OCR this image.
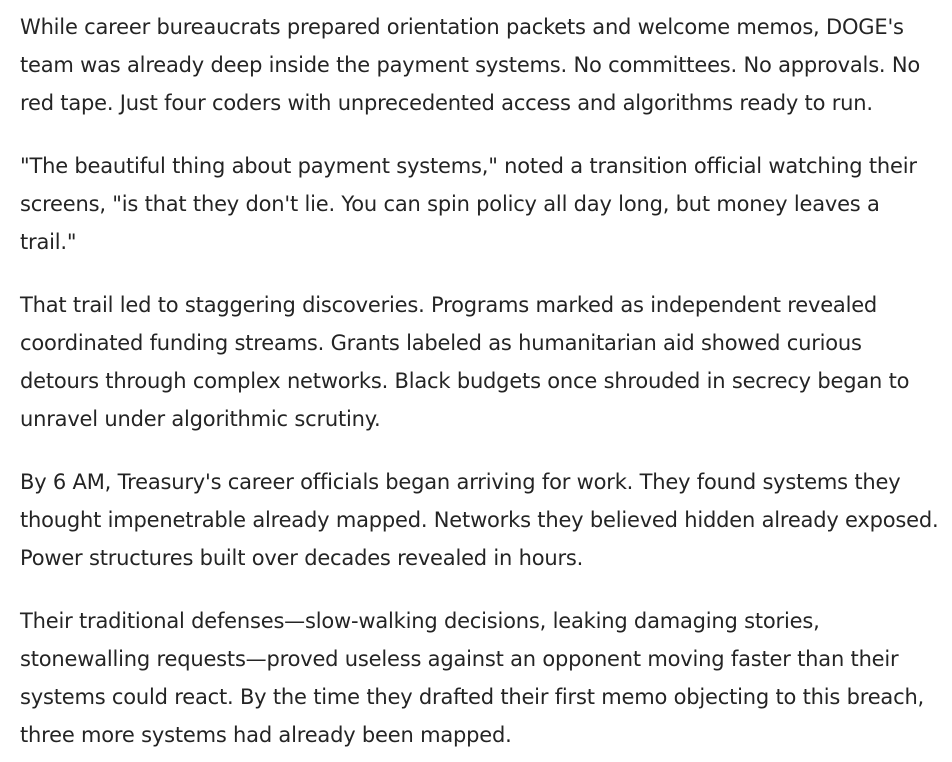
While career bureaucrats prepared orientation packets and welcome memos, DOGE's team was already deep inside the payment systems. No committees. No approvals. No red tape. Just four coders with unprecedented access and algorithms ready to run.

"The beautiful thing about payment systems," noted a transition official watching their screens, "is that they don't lie. You can spin policy all day long, but money leaves a trail."

That trail led to staggering discoveries. Programs marked as independent revealed coordinated funding streams. Grants labeled as humanitarian aid showed curious detours through complex networks. Black budgets once shrouded in secrecy began to unravel under algorithmic scrutiny.

By 6 AM, Treasury's career officials began arriving for work. They found systems they thought impenetrable already mapped. Networks they believed hidden already exposed. Power structures built over decades revealed in hours.

Their traditional defenses—slow-walking decisions, leaking damaging stories, stonewalling requests—proved useless against an opponent moving faster than their systems could react. By the time they drafted their first memo objecting to this breach, three more systems had already been mapped.
